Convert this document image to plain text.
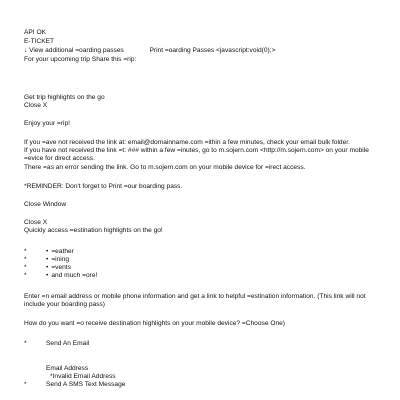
API OK
E-TICKET
↓ View additional =oarding passes	Print =oarding Passes <javascript:void(0);>
For your upcoming trip Share this =rip:
Get trip highlights on the go
Close X
Enjoy your =rip!
If you =ave not received the link at: email@domainname.com =ithin a few minutes, check your email bulk folder.
If you have not received the link =t: ### within a few =inutes, go to m.sojern.com <http://m.sojern.com> on your mobile =evice for direct access.
There =as an error sending the link. Go to m.sojern.com on your mobile device for =irect access.
*REMINDER: Don't forget to Print =our boarding pass.
Close Window
Close X
Quickly access =estination highlights on the go!
*	• =eather
*	• =ining
*	• =vents
*	• and much =ore!
Enter =n email address or mobile phone information and get a link to helpful =estination information. (This link will not include your boarding pass)
How do you want =o receive destination highlights on your mobile device? =Choose One)
*	Send An Email
Email Address
*Invalid Email Address
*	Send A SMS Text Message
